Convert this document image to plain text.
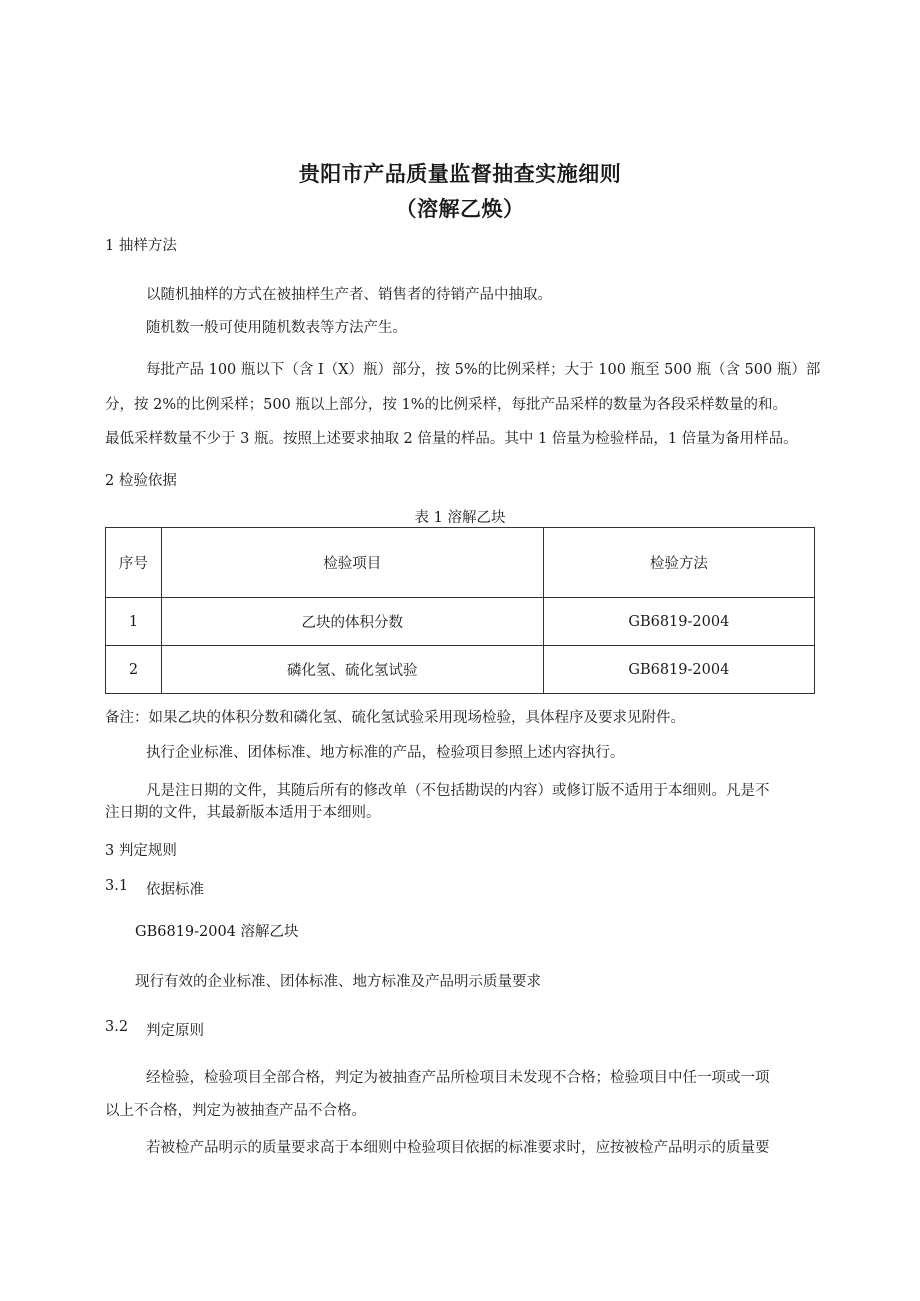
贵阳市产品质量监督抽查实施细则
（溶解乙焕）
1 抽样方法
以随机抽样的方式在被抽样生产者、销售者的待销产品中抽取。
随机数一般可使用随机数表等方法产生。
每批产品 100 瓶以下（含 I（X）瓶）部分，按 5%的比例采样；大于 100 瓶至 500 瓶（含 500 瓶）部
分，按 2%的比例采样；500 瓶以上部分，按 1%的比例采样，每批产品采样的数量为各段采样数量的和。
最低采样数量不少于 3 瓶。按照上述要求抽取 2 倍量的样品。其中 1 倍量为检验样品，1 倍量为备用样品。
2 检验依据
表 1 溶解乙块
序号	检验项目	检验方法
1	乙块的体积分数	GB6819-2004
2	磷化氢、硫化氢试验	GB6819-2004
备注：如果乙块的体积分数和磷化氢、硫化氢试验采用现场检验，具体程序及要求见附件。
执行企业标准、团体标准、地方标准的产品，检验项目参照上述内容执行。
凡是注日期的文件，其随后所有的修改单（不包括勘误的内容）或修订版不适用于本细则。凡是不
注日期的文件，其最新版本适用于本细则。
3 判定规则
3.1 依据标准
GB6819-2004 溶解乙块
现行有效的企业标准、团体标准、地方标准及产品明示质量要求
3.2 判定原则
经检验，检验项目全部合格，判定为被抽查产品所检项目未发现不合格；检验项目中任一项或一项
以上不合格，判定为被抽查产品不合格。
若被检产品明示的质量要求高于本细则中检验项目依据的标准要求时，应按被检产品明示的质量要
